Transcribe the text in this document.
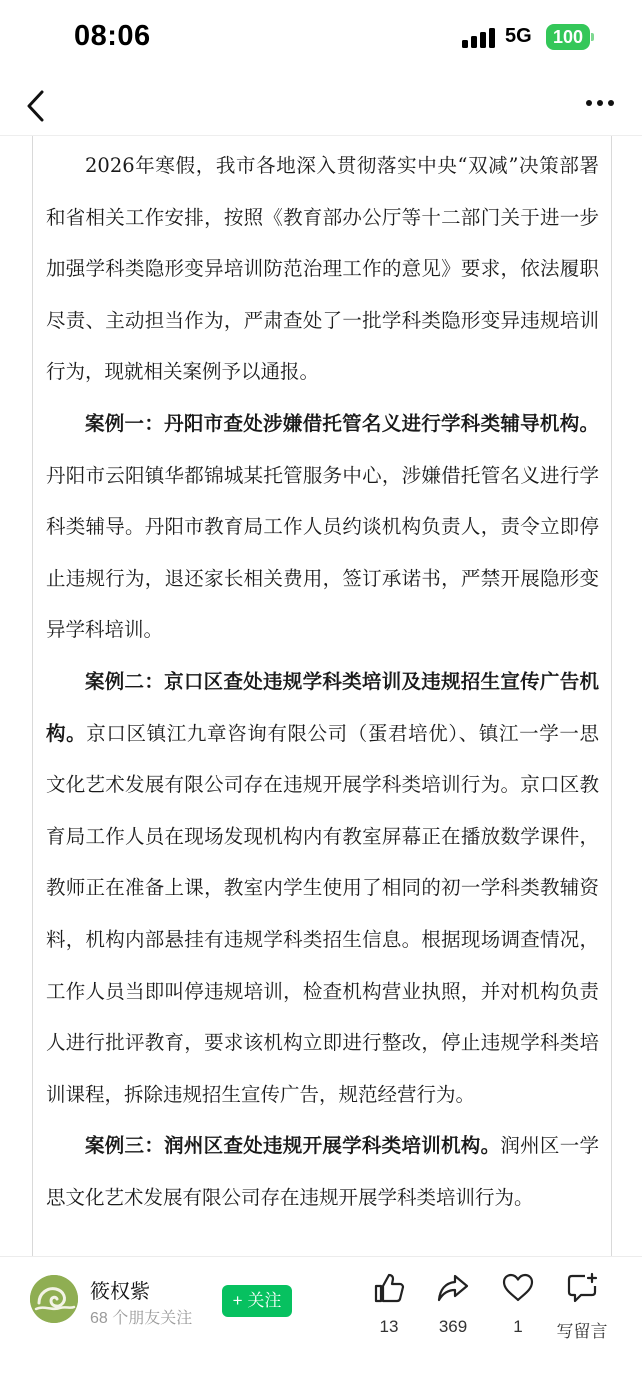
08:06	5G	100

2026年寒假，我市各地深入贯彻落实中央“双减”决策部署和省相关工作安排，按照《教育部办公厅等十二部门关于进一步加强学科类隐形变异培训防范治理工作的意见》要求，依法履职尽责、主动担当作为，严肃查处了一批学科类隐形变异违规培训行为，现就相关案例予以通报。

案例一：丹阳市查处涉嫌借托管名义进行学科类辅导机构。丹阳市云阳镇华都锦城某托管服务中心，涉嫌借托管名义进行学科类辅导。丹阳市教育局工作人员约谈机构负责人，责令立即停止违规行为，退还家长相关费用，签订承诺书，严禁开展隐形变异学科培训。

案例二：京口区查处违规学科类培训及违规招生宣传广告机构。京口区镇江九章咨询有限公司（蛋君培优）、镇江一学一思文化艺术发展有限公司存在违规开展学科类培训行为。京口区教育局工作人员在现场发现机构内有教室屏幕正在播放数学课件，教师正在准备上课，教室内学生使用了相同的初一学科类教辅资料，机构内部悬挂有违规学科类招生信息。根据现场调查情况，工作人员当即叫停违规培训，检查机构营业执照，并对机构负责人进行批评教育，要求该机构立即进行整改，停止违规学科类培训课程，拆除违规招生宣传广告，规范经营行为。

案例三：润州区查处违规开展学科类培训机构。润州区一学思文化艺术发展有限公司存在违规开展学科类培训行为。

筱权紫
68 个朋友关注
+ 关注
13	369	1	写留言
